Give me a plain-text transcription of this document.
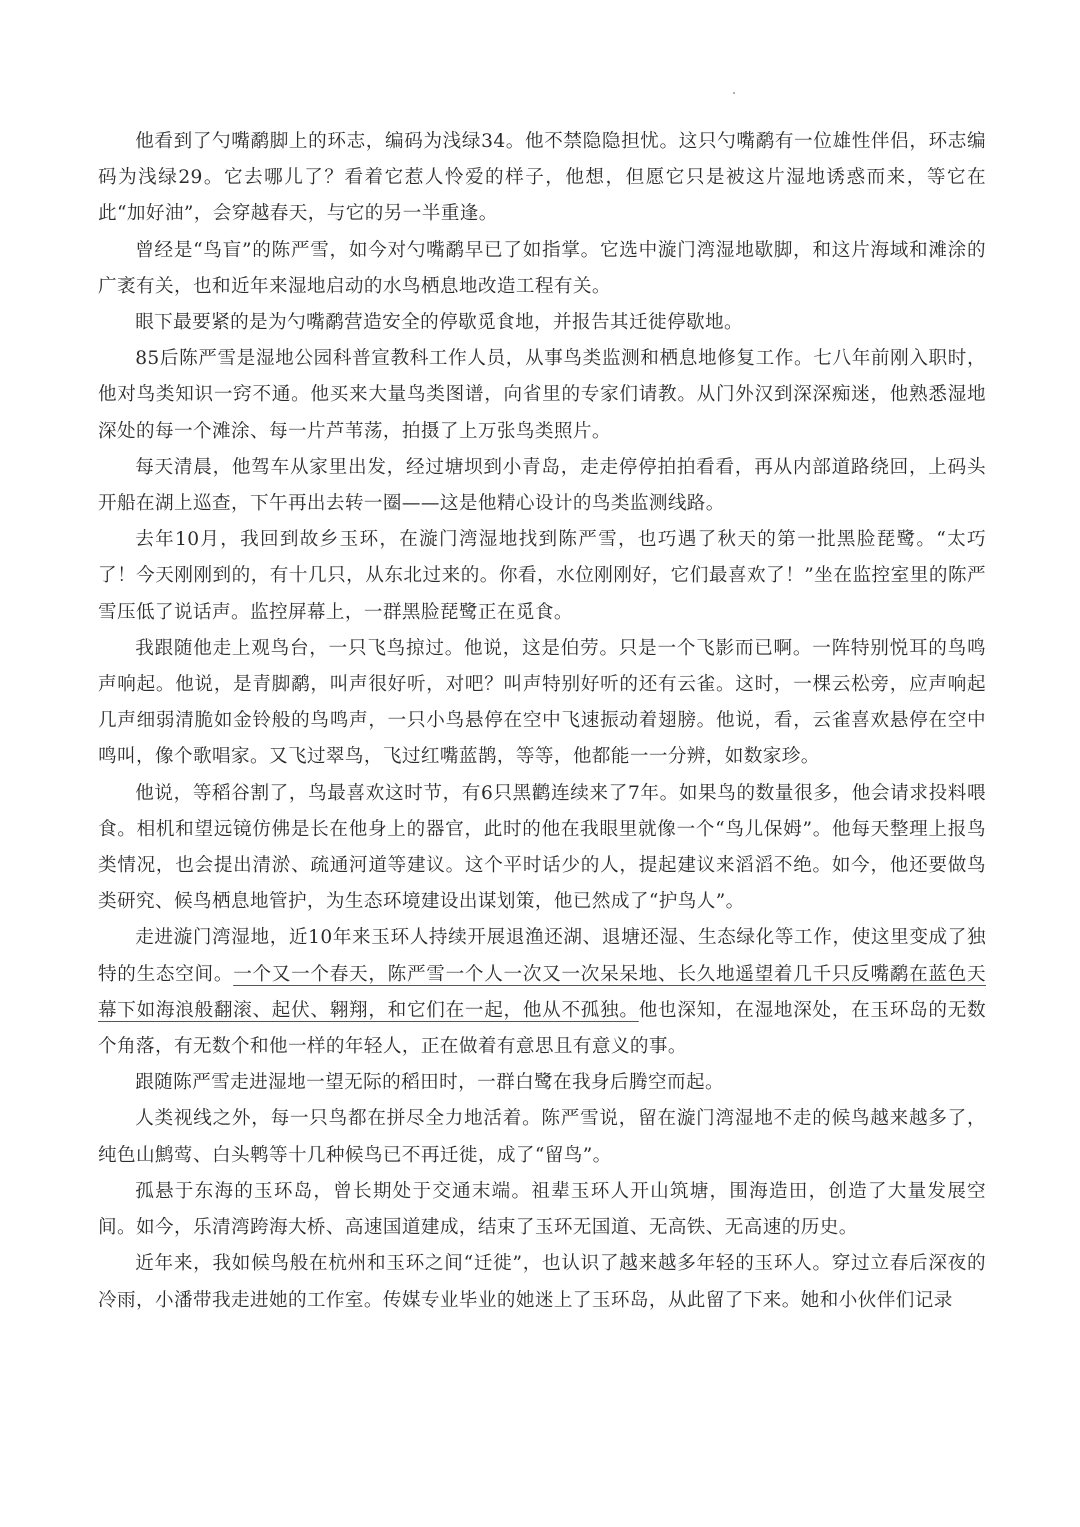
他看到了勺嘴鹬脚上的环志，编码为浅绿34。他不禁隐隐担忧。这只勺嘴鹬有一位雄性伴侣，环志编码为浅绿29。它去哪儿了？看着它惹人怜爱的样子，他想，但愿它只是被这片湿地诱惑而来，等它在此“加好油”，会穿越春天，与它的另一半重逢。

曾经是“鸟盲”的陈严雪，如今对勺嘴鹬早已了如指掌。它选中漩门湾湿地歇脚，和这片海域和滩涂的广袤有关，也和近年来湿地启动的水鸟栖息地改造工程有关。

眼下最要紧的是为勺嘴鹬营造安全的停歇觅食地，并报告其迁徙停歇地。

85后陈严雪是湿地公园科普宣教科工作人员，从事鸟类监测和栖息地修复工作。七八年前刚入职时，他对鸟类知识一窍不通。他买来大量鸟类图谱，向省里的专家们请教。从门外汉到深深痴迷，他熟悉湿地深处的每一个滩涂、每一片芦苇荡，拍摄了上万张鸟类照片。

每天清晨，他驾车从家里出发，经过塘坝到小青岛，走走停停拍拍看看，再从内部道路绕回，上码头开船在湖上巡查，下午再出去转一圈——这是他精心设计的鸟类监测线路。

去年10月，我回到故乡玉环，在漩门湾湿地找到陈严雪，也巧遇了秋天的第一批黑脸琵鹭。“太巧了！今天刚刚到的，有十几只，从东北过来的。你看，水位刚刚好，它们最喜欢了！”坐在监控室里的陈严雪压低了说话声。监控屏幕上，一群黑脸琵鹭正在觅食。

我跟随他走上观鸟台，一只飞鸟掠过。他说，这是伯劳。只是一个飞影而已啊。一阵特别悦耳的鸟鸣声响起。他说，是青脚鹬，叫声很好听，对吧？叫声特别好听的还有云雀。这时，一棵云松旁，应声响起几声细弱清脆如金铃般的鸟鸣声，一只小鸟悬停在空中飞速振动着翅膀。他说，看，云雀喜欢悬停在空中鸣叫，像个歌唱家。又飞过翠鸟，飞过红嘴蓝鹊，等等，他都能一一分辨，如数家珍。

他说，等稻谷割了，鸟最喜欢这时节，有6只黑鹳连续来了7年。如果鸟的数量很多，他会请求投料喂食。相机和望远镜仿佛是长在他身上的器官，此时的他在我眼里就像一个“鸟儿保姆”。他每天整理上报鸟类情况，也会提出清淤、疏通河道等建议。这个平时话少的人，提起建议来滔滔不绝。如今，他还要做鸟类研究、候鸟栖息地管护，为生态环境建设出谋划策，他已然成了“护鸟人”。

走进漩门湾湿地，近10年来玉环人持续开展退渔还湖、退塘还湿、生态绿化等工作，使这里变成了独特的生态空间。一个又一个春天，陈严雪一个人一次又一次呆呆地、长久地遥望着几千只反嘴鹬在蓝色天幕下如海浪般翻滚、起伏、翱翔，和它们在一起，他从不孤独。他也深知，在湿地深处，在玉环岛的无数个角落，有无数个和他一样的年轻人，正在做着有意思且有意义的事。

跟随陈严雪走进湿地一望无际的稻田时，一群白鹭在我身后腾空而起。

人类视线之外，每一只鸟都在拼尽全力地活着。陈严雪说，留在漩门湾湿地不走的候鸟越来越多了，纯色山鹪莺、白头鹎等十几种候鸟已不再迁徙，成了“留鸟”。

孤悬于东海的玉环岛，曾长期处于交通末端。祖辈玉环人开山筑塘，围海造田，创造了大量发展空间。如今，乐清湾跨海大桥、高速国道建成，结束了玉环无国道、无高铁、无高速的历史。

近年来，我如候鸟般在杭州和玉环之间“迁徙”，也认识了越来越多年轻的玉环人。穿过立春后深夜的冷雨，小潘带我走进她的工作室。传媒专业毕业的她迷上了玉环岛，从此留了下来。她和小伙伴们记录
